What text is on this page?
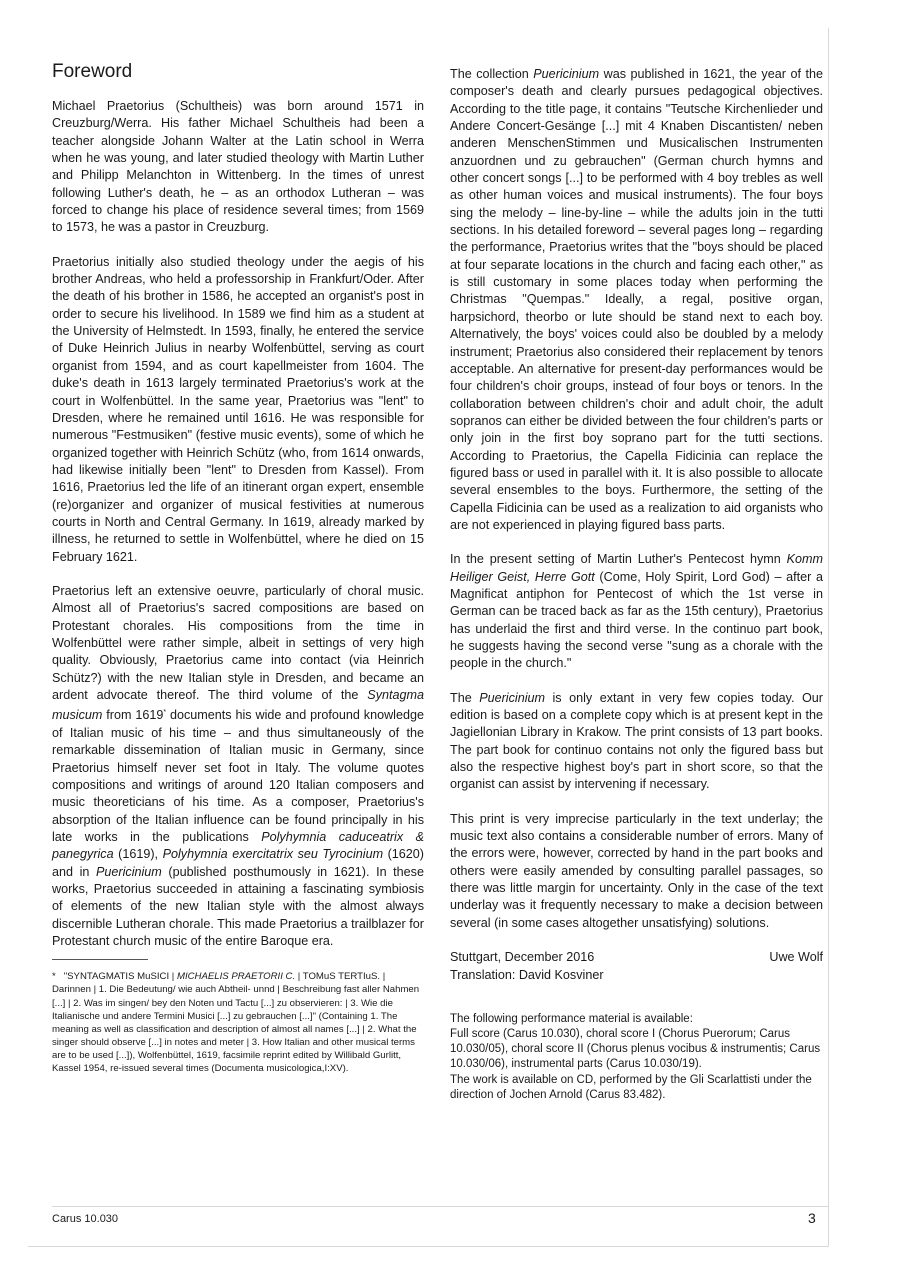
Foreword

Michael Praetorius (Schultheis) was born around 1571 in Creuzburg/Werra. His father Michael Schultheis had been a teacher alongside Johann Walter at the Latin school in Werra when he was young, and later studied theology with Martin Luther and Philipp Melanchton in Wittenberg. In the times of unrest following Luther's death, he – as an orthodox Lutheran – was forced to change his place of residence several times; from 1569 to 1573, he was a pastor in Creuzburg.

Praetorius initially also studied theology under the aegis of his brother Andreas, who held a professorship in Frankfurt/Oder. After the death of his brother in 1586, he accepted an organist's post in order to secure his livelihood. In 1589 we find him as a student at the University of Helmstedt. In 1593, finally, he entered the service of Duke Heinrich Julius in nearby Wolfenbüttel, serving as court organist from 1594, and as court kapellmeister from 1604. The duke's death in 1613 largely terminated Praetorius's work at the court in Wolfenbüttel. In the same year, Praetorius was "lent" to Dresden, where he remained until 1616. He was responsible for numerous "Festmusiken" (festive music events), some of which he organized together with Heinrich Schütz (who, from 1614 onwards, had likewise initially been "lent" to Dresden from Kassel). From 1616, Praetorius led the life of an itinerant organ expert, ensemble (re)organizer and organizer of musical festivities at numerous courts in North and Central Germany. In 1619, already marked by illness, he returned to settle in Wolfenbüttel, where he died on 15 February 1621.

Praetorius left an extensive oeuvre, particularly of choral music. Almost all of Praetorius's sacred compositions are based on Protestant chorales. His compositions from the time in Wolfenbüttel were rather simple, albeit in settings of very high quality. Obviously, Praetorius came into contact (via Heinrich Schütz?) with the new Italian style in Dresden, and became an ardent advocate thereof. The third volume of the Syntagma musicum from 1619* documents his wide and profound knowledge of Italian music of his time – and thus simultaneously of the remarkable dissemination of Italian music in Germany, since Praetorius himself never set foot in Italy. The volume quotes compositions and writings of around 120 Italian composers and music theoreticians of his time. As a composer, Praetorius's absorption of the Italian influence can be found principally in his late works in the publications Polyhymnia caduceatrix & panegyrica (1619), Polyhymnia exercitatrix seu Tyrocinium (1620) and in Puericinium (published posthumously in 1621). In these works, Praetorius succeeded in attaining a fascinating symbiosis of elements of the new Italian style with the almost always discernible Lutheran chorale. This made Praetorius a trailblazer for Protestant church music of the entire Baroque era.

* "SYNTAGMATIS MuSICI | MICHAELIS PRAETORII C. | TOMuS TERTIuS. | Darinnen | 1. Die Bedeutung/ wie auch Abtheil- unnd | Beschreibung fast aller Nahmen [...] | 2. Was im singen/ bey den Noten und Tactu [...] zu observieren: | 3. Wie die Italianische und andere Termini Musici [...] zu gebrauchen [...]" (Containing 1. The meaning as well as classification and description of almost all names [...] | 2. What the singer should observe [...] in notes and meter | 3. How Italian and other musical terms are to be used [...]), Wolfenbüttel, 1619, facsimile reprint edited by Willibald Gurlitt, Kassel 1954, re-issued several times (Documenta musicologica,I:XV).

The collection Puericinium was published in 1621, the year of the composer's death and clearly pursues pedagogical objectives. According to the title page, it contains "Teutsche Kirchenlieder und Andere Concert-Gesänge [...] mit 4 Knaben Discantisten/ neben anderen MenschenStimmen und Musicalischen Instrumenten anzuordnen und zu gebrauchen" (German church hymns and other concert songs [...] to be performed with 4 boy trebles as well as other human voices and musical instruments). The four boys sing the melody – line-by-line – while the adults join in the tutti sections. In his detailed foreword – several pages long – regarding the performance, Praetorius writes that the "boys should be placed at four separate locations in the church and facing each other," as is still customary in some places today when performing the Christmas "Quempas." Ideally, a regal, positive organ, harpsichord, theorbo or lute should be stand next to each boy. Alternatively, the boys' voices could also be doubled by a melody instrument; Praetorius also considered their replacement by tenors acceptable. An alternative for present-day performances would be four children's choir groups, instead of four boys or tenors. In the collaboration between children's choir and adult choir, the adult sopranos can either be divided between the four children's parts or only join in the first boy soprano part for the tutti sections. According to Praetorius, the Capella Fidicinia can replace the figured bass or used in parallel with it. It is also possible to allocate several ensembles to the boys. Furthermore, the setting of the Capella Fidicinia can be used as a realization to aid organists who are not experienced in playing figured bass parts.

In the present setting of Martin Luther's Pentecost hymn Komm Heiliger Geist, Herre Gott (Come, Holy Spirit, Lord God) – after a Magnificat antiphon for Pentecost of which the 1st verse in German can be traced back as far as the 15th century), Praetorius has underlaid the first and third verse. In the continuo part book, he suggests having the second verse "sung as a chorale with the people in the church."

The Puericinium is only extant in very few copies today. Our edition is based on a complete copy which is at present kept in the Jagiellonian Library in Krakow. The print consists of 13 part books. The part book for continuo contains not only the figured bass but also the respective highest boy's part in short score, so that the organist can assist by intervening if necessary.

This print is very imprecise particularly in the text underlay; the music text also contains a considerable number of errors. Many of the errors were, however, corrected by hand in the part books and others were easily amended by consulting parallel passages, so there was little margin for uncertainty. Only in the case of the text underlay was it frequently necessary to make a decision between several (in some cases altogether unsatisfying) solutions.

Stuttgart, December 2016	Uwe Wolf

Translation: David Kosviner

The following performance material is available:

Full score (Carus 10.030), choral score I (Chorus Puerorum; Carus 10.030/05), choral score II (Chorus plenus vocibus & instrumentis; Carus 10.030/06), instrumental parts (Carus 10.030/19).

The work is available on CD, performed by the Gli Scarlattisti under the direction of Jochen Arnold (Carus 83.482).

Carus 10.030	3
